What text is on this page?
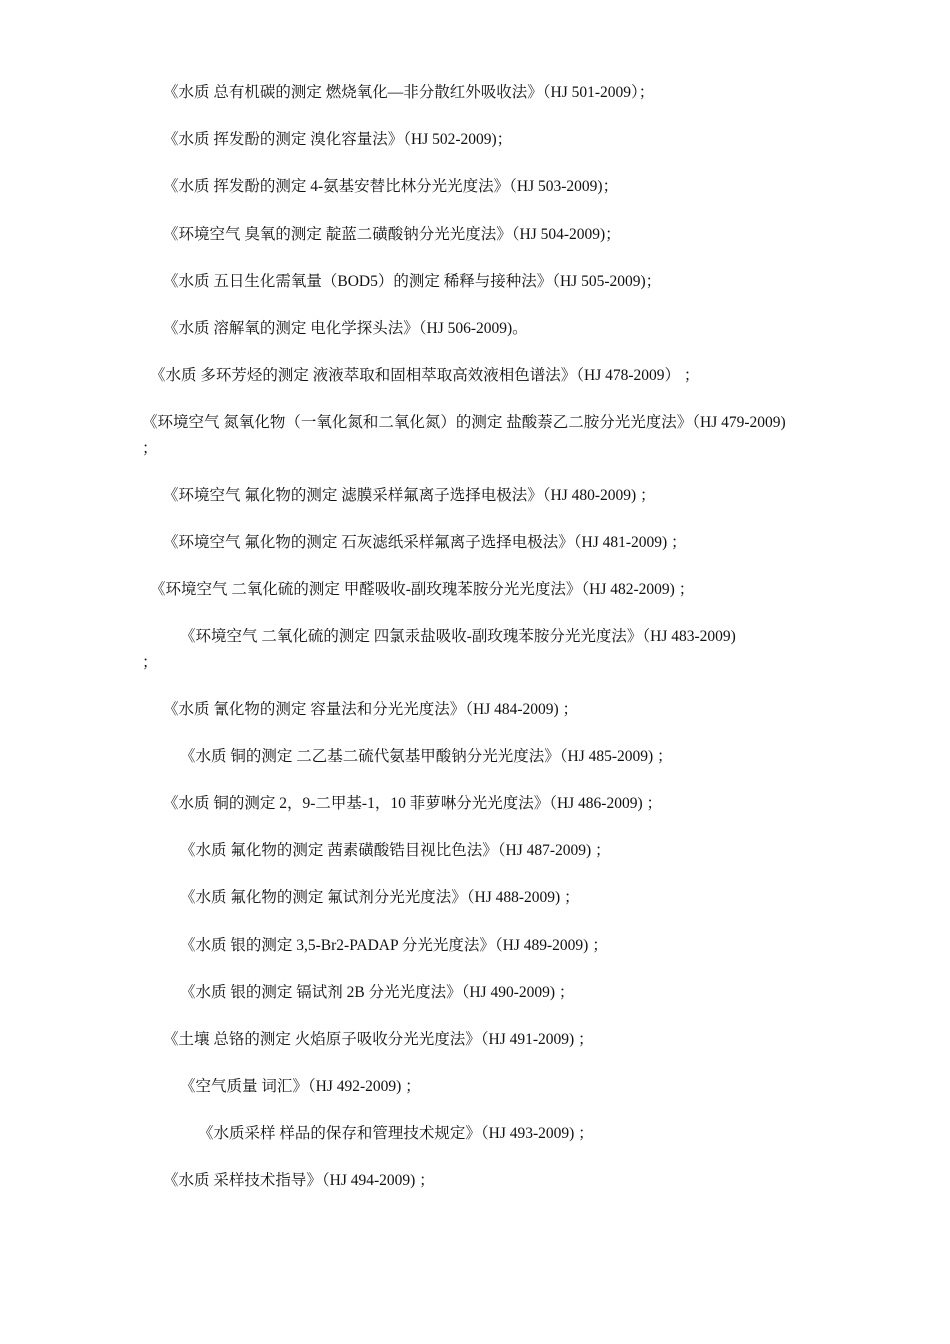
《水质 总有机碳的测定 燃烧氧化—非分散红外吸收法》（HJ 501-2009）；
《水质 挥发酚的测定 溴化容量法》（HJ 502-2009)；
《水质 挥发酚的测定 4-氨基安替比林分光光度法》（HJ 503-2009)；
《环境空气 臭氧的测定 靛蓝二磺酸钠分光光度法》（HJ 504-2009)；
《水质 五日生化需氧量（BOD5）的测定 稀释与接种法》（HJ 505-2009)；
《水质 溶解氧的测定 电化学探头法》（HJ 506-2009)。
《水质 多环芳烃的测定 液液萃取和固相萃取高效液相色谱法》（HJ 478-2009） ；
《环境空气 氮氧化物（一氧化氮和二氧化氮）的测定 盐酸萘乙二胺分光光度法》（HJ 479-2009) ；
《环境空气 氟化物的测定 滤膜采样氟离子选择电极法》（HJ 480-2009) ；
《环境空气 氟化物的测定 石灰滤纸采样氟离子选择电极法》（HJ 481-2009) ；
《环境空气 二氧化硫的测定 甲醛吸收-副玫瑰苯胺分光光度法》（HJ 482-2009) ；
《环境空气 二氧化硫的测定 四氯汞盐吸收-副玫瑰苯胺分光光度法》（HJ 483-2009)
；
《水质 氰化物的测定 容量法和分光光度法》（HJ 484-2009) ；
《水质 铜的测定 二乙基二硫代氨基甲酸钠分光光度法》（HJ 485-2009) ；
《水质 铜的测定 2，9-二甲基-1，10 菲萝啉分光光度法》（HJ 486-2009) ；
《水质 氟化物的测定 茜素磺酸锆目视比色法》（HJ 487-2009) ；
《水质 氟化物的测定 氟试剂分光光度法》（HJ 488-2009) ；
《水质 银的测定 3,5-Br2-PADAP 分光光度法》（HJ 489-2009) ；
《水质 银的测定 镉试剂 2B 分光光度法》（HJ 490-2009) ；
《土壤 总铬的测定 火焰原子吸收分光光度法》（HJ 491-2009) ；
《空气质量 词汇》（HJ 492-2009) ；
《水质采样 样品的保存和管理技术规定》（HJ 493-2009) ；
《水质 采样技术指导》（HJ 494-2009) ；
